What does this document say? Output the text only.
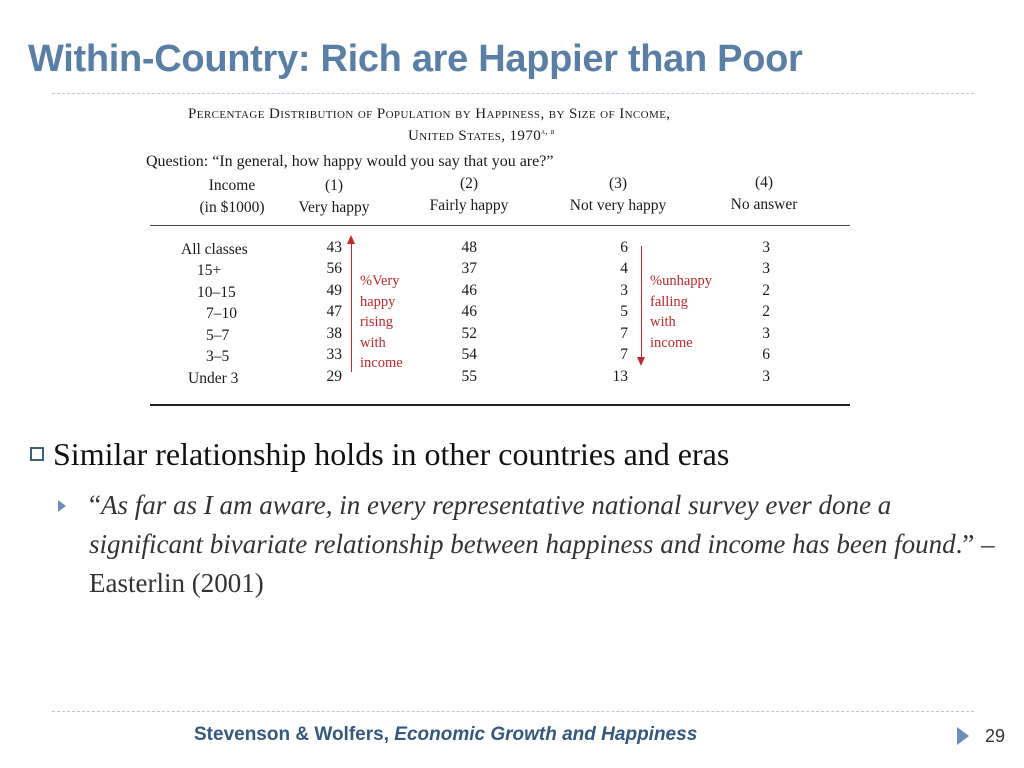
Within-Country: Rich are Happier than Poor
Percentage Distribution of Population by Happiness, by Size of Income,
United States, 1970$^{a, b}$
Question: “In general, how happy would you say that you are?”
Income
(in $1000)
(1)
Very happy
(2)
Fairly happy
(3)
Not very happy
(4)
No answer
All classes
15+
10–15
7–10
5–7
3–5
Under 3
43
56
49
47
38
33
29
48
37
46
46
52
54
55
6
4
3
5
7
7
13
3
3
2
2
3
6
3
%Very
happy
rising
with
income
%unhappy
falling
with
income
Similar relationship holds in other countries and eras
“As far as I am aware, in every representative national survey ever done a significant bivariate relationship between happiness and income has been found.” – Easterlin (2001)
Stevenson & Wolfers, Economic Growth and Happiness	29
